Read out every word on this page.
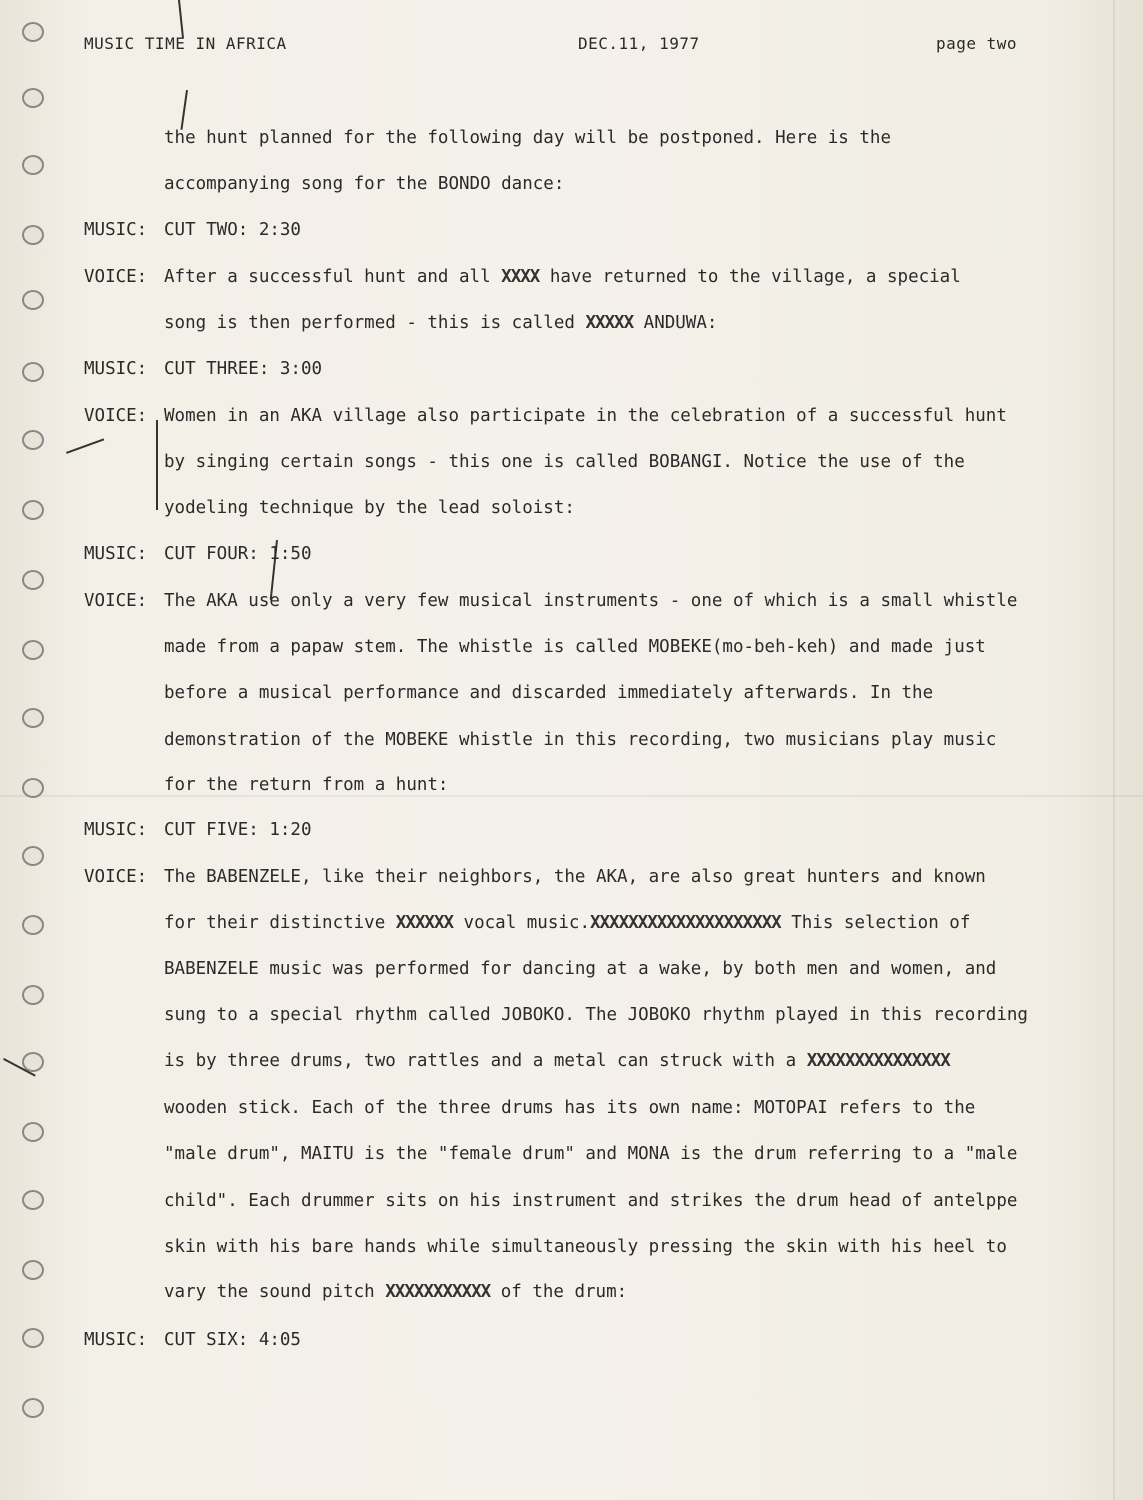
MUSIC TIME IN AFRICA	DEC.11, 1977	page two
the hunt planned for the following day will be postponed. Here is the
accompanying song for the BONDO dance:
MUSIC: CUT TWO: 2:30
VOICE: After a successful hunt and all XXXX have returned to the village, a special
song is then performed - this is called XXXXX ANDUWA:
MUSIC: CUT THREE: 3:00
VOICE: Women in an AKA village also participate in the celebration of a successful hunt
by singing certain songs - this one is called BOBANGI. Notice the use of the
yodeling technique by the lead soloist:
MUSIC: CUT FOUR: 1:50
VOICE: The AKA use only a very few musical instruments - one of which is a small whistle
made from a papaw stem. The whistle is called MOBEKE(mo-beh-keh) and made just
before a musical performance and discarded immediately afterwards. In the
demonstration of the MOBEKE whistle in this recording, two musicians play music
for the return from a hunt:
MUSIC: CUT FIVE: 1:20
VOICE: The BABENZELE, like their neighbors, the AKA, are also great hunters and known
for their distinctive XXXXXX vocal music.XXXXXXXXXXXXXXXXXXXX This selection of
BABENZELE music was performed for dancing at a wake, by both men and women, and
sung to a special rhythm called JOBOKO. The JOBOKO rhythm played in this recording
is by three drums, two rattles and a metal can struck with a XXXXXXXXXXXXXXX
wooden stick. Each of the three drums has its own name: MOTOPAI refers to the
"male drum", MAITU is the "female drum" and MONA is the drum referring to a "male
child". Each drummer sits on his instrument and strikes the drum head of antelppe
skin with his bare hands while simultaneously pressing the skin with his heel to
vary the sound pitch XXXXXXXXXXX of the drum:
MUSIC: CUT SIX: 4:05
